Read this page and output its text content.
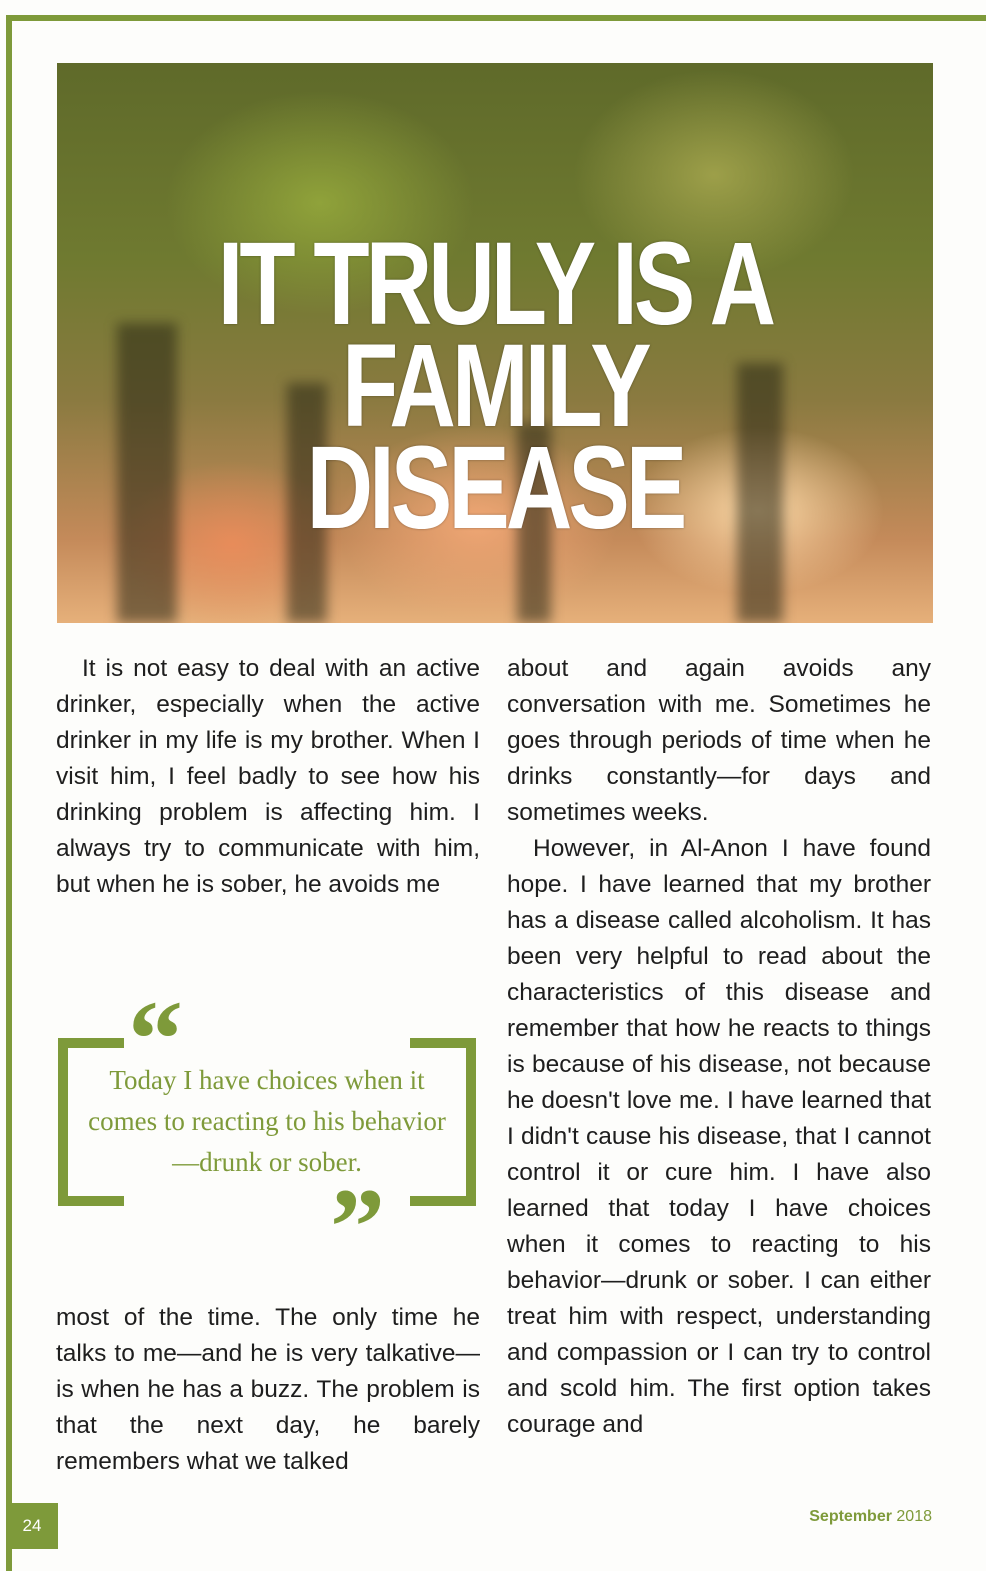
IT TRULY IS A
FAMILY DISEASE

It is not easy to deal with an active drinker, especially when the active drinker in my life is my brother. When I visit him, I feel badly to see how his drinking problem is affecting him. I always try to communicate with him, but when he is sober, he avoids me

“

Today I have choices when it comes to reacting to his behavior—drunk or sober.

”

most of the time. The only time he talks to me—and he is very talkative—is when he has a buzz. The problem is that the next day, he barely remembers what we talked

about and again avoids any conversation with me. Sometimes he goes through periods of time when he drinks constantly—for days and sometimes weeks.

However, in Al-Anon I have found hope. I have learned that my brother has a disease called alcoholism. It has been very helpful to read about the characteristics of this disease and remember that how he reacts to things is because of his disease, not because he doesn't love me. I have learned that I didn't cause his disease, that I cannot control it or cure him. I have also learned that today I have choices when it comes to reacting to his behavior—drunk or sober. I can either treat him with respect, understanding and compassion or I can try to control and scold him. The first option takes courage and

24	September 2018
